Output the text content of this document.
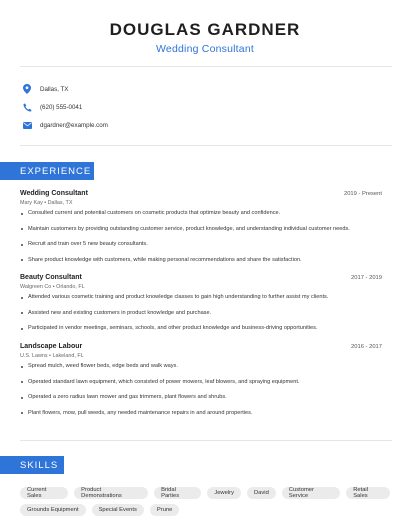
DOUGLAS GARDNER
Wedding Consultant
Dallas, TX
(620) 555-0041
dgardner@example.com
EXPERIENCE
Wedding Consultant	2019 - Present
Mary Kay • Dallas, TX
Consulted current and potential customers on cosmetic products that optimize beauty and confidence.
Maintain customers by providing outstanding customer service, product knowledge, and understanding individual customer needs.
Recruit and train over 5 new beauty consultants.
Share product knowledge with customers, while making personal recommendations and share the satisfaction.
Beauty Consultant	2017 - 2019
Walgreen Co • Orlando, FL
Attended various cosmetic training and product knowledge classes to gain high understanding to further assist my clients.
Assisted new and existing customers in product knowledge and purchase.
Participated in vendor meetings, seminars, schools, and other product knowledge and business-driving opportunities.
Landscape Labour	2016 - 2017
U.S. Lawns • Lakeland, FL
Spread mulch, weed flower beds, edge beds and walk ways.
Operated standard lawn equipment, which consisted of power mowers, leaf blowers, and spraying equipment.
Operated a zero radius lawn mower and gas trimmers, plant flowers and shrubs.
Plant flowers, mow, pull weeds, any needed maintenance repairs in and around properties.
SKILLS
Current Sales
Product Demonstrations
Bridal Parties	Jewelry	David	Customer Service
Retail Sales
Grounds Equipment	Special Events	Prune
